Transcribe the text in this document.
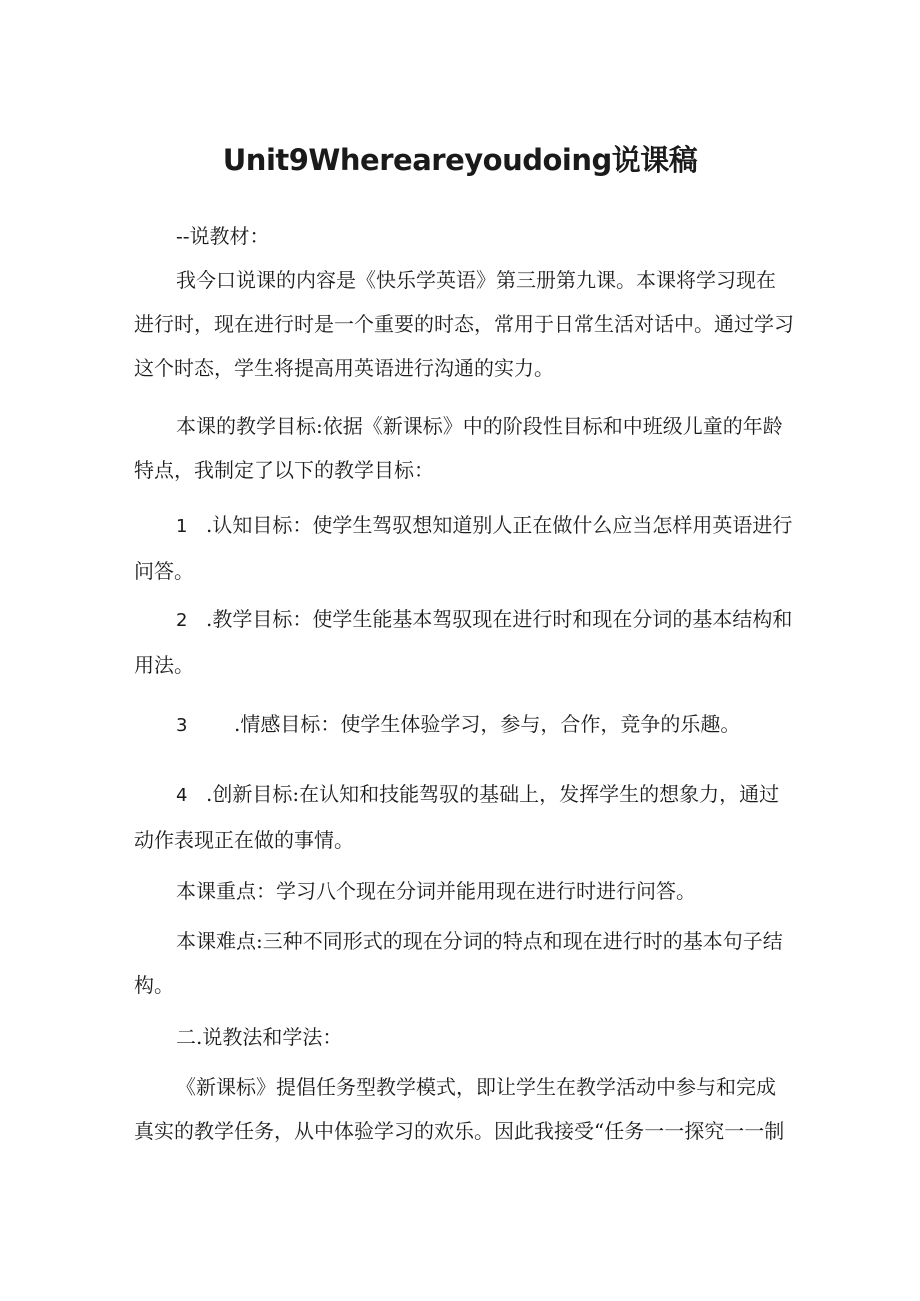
Unit9Whereareyoudoing说课稿

--说教材：

我今口说课的内容是《快乐学英语》第三册第九课。本课将学习现在进行时，现在进行时是一个重要的时态，常用于日常生活对话中。通过学习这个时态，学生将提高用英语进行沟通的实力。

本课的教学目标:依据《新课标》中的阶段性目标和中班级儿童的年龄特点，我制定了以下的教学目标：

1 .认知目标：使学生驾驭想知道别人正在做什么应当怎样用英语进行问答。

2 .教学目标：使学生能基本驾驭现在进行时和现在分词的基本结构和用法。

3 .情感目标：使学生体验学习，参与，合作，竞争的乐趣。

4 .创新目标:在认知和技能驾驭的基础上，发挥学生的想象力，通过动作表现正在做的事情。

本课重点：学习八个现在分词并能用现在进行时进行问答。

本课难点:三种不同形式的现在分词的特点和现在进行时的基本句子结构。

二.说教法和学法：

《新课标》提倡任务型教学模式，即让学生在教学活动中参与和完成真实的教学任务，从中体验学习的欢乐。因此我接受“任务一一探究一一制
